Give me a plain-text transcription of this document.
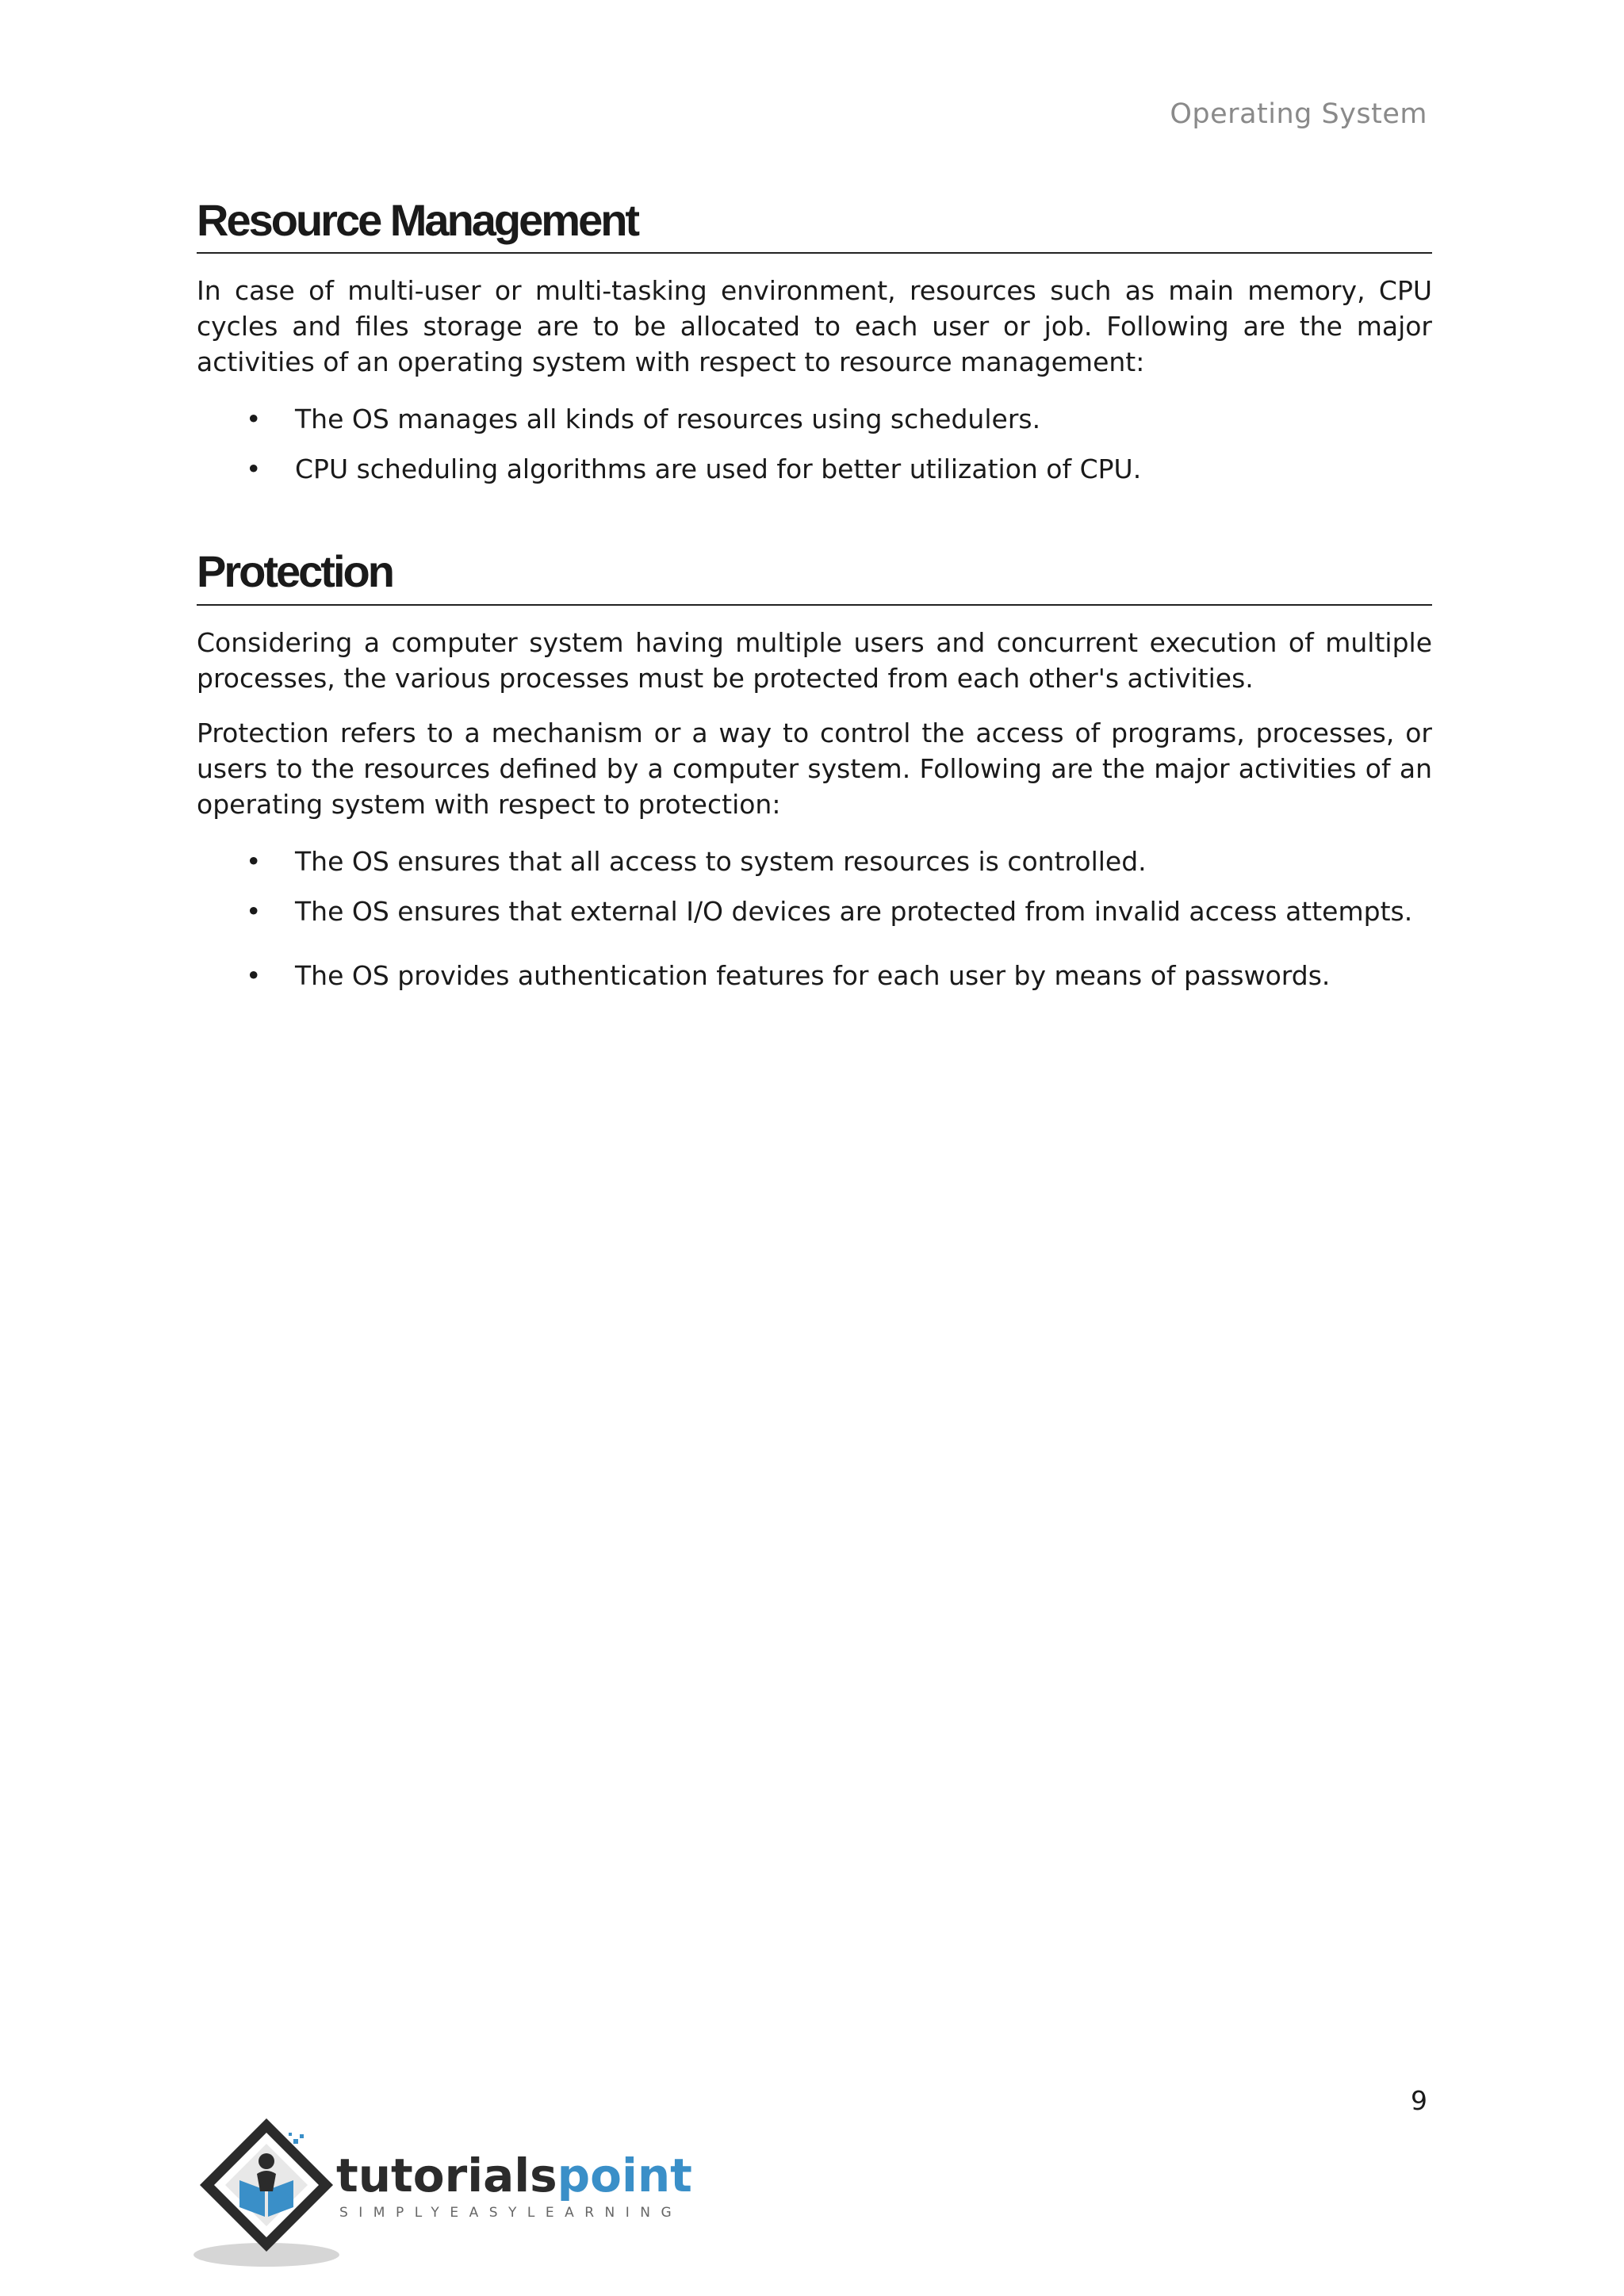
Operating System
Resource Management

In case of multi-user or multi-tasking environment, resources such as main memory, CPU cycles and files storage are to be allocated to each user or job. Following are the major activities of an operating system with respect to resource management:

• The OS manages all kinds of resources using schedulers.
• CPU scheduling algorithms are used for better utilization of CPU.
Protection

Considering a computer system having multiple users and concurrent execution of multiple processes, the various processes must be protected from each other's activities.

Protection refers to a mechanism or a way to control the access of programs, processes, or users to the resources defined by a computer system. Following are the major activities of an operating system with respect to protection:

• The OS ensures that all access to system resources is controlled.
• The OS ensures that external I/O devices are protected from invalid access attempts.
• The OS provides authentication features for each user by means of passwords.
9
tutorialspoint
SIMPLYEASYLEARNING
